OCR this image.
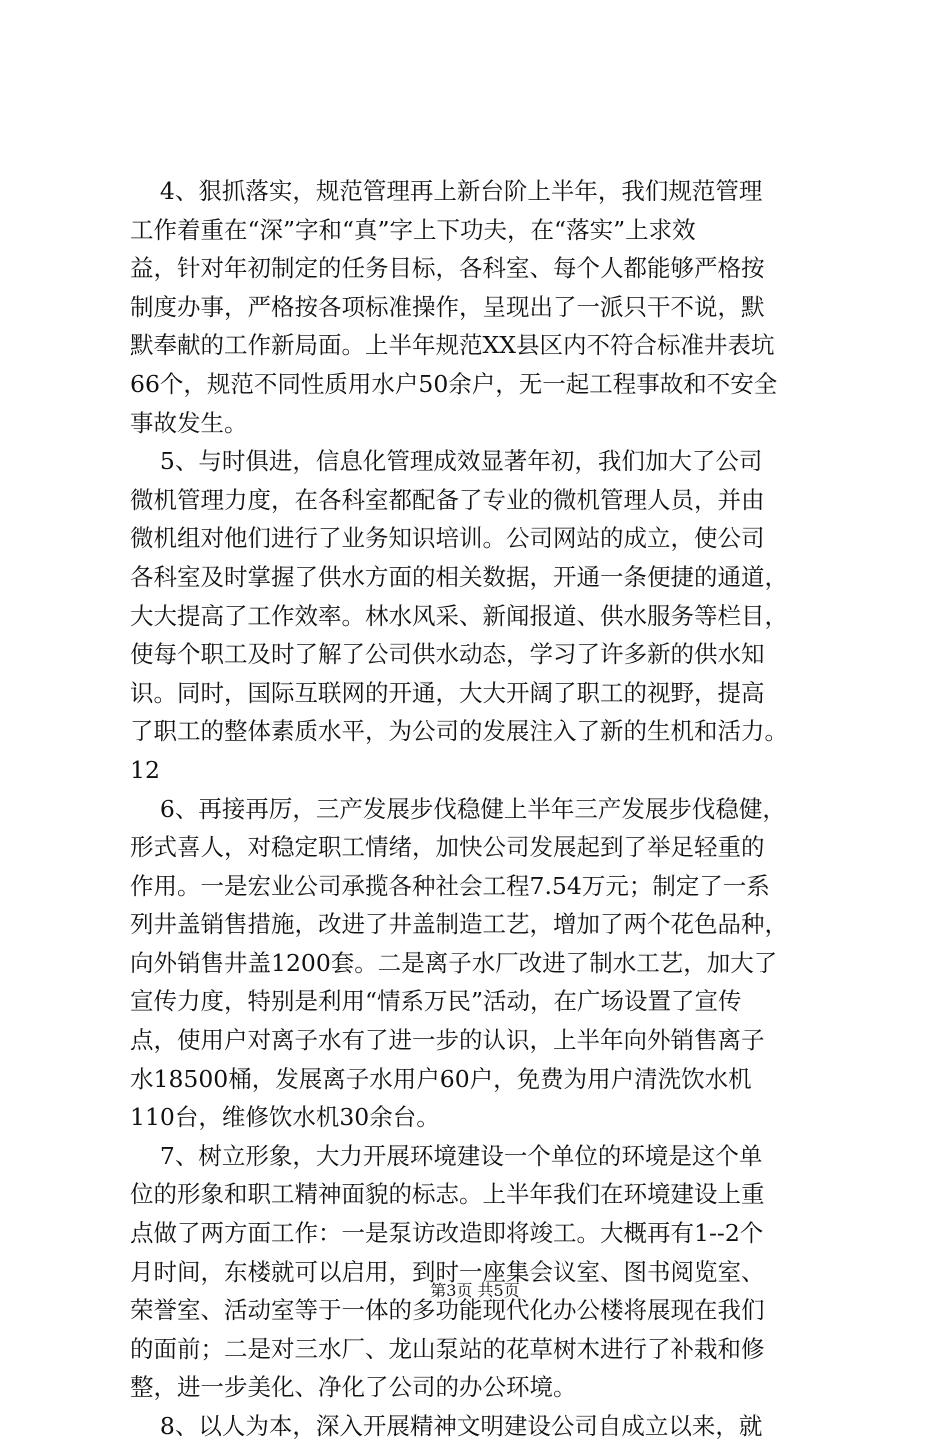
4、狠抓落实，规范管理再上新台阶上半年，我们规范管理
工作着重在“深”字和“真”字上下功夫，在“落实”上求效
益，针对年初制定的任务目标，各科室、每个人都能够严格按
制度办事，严格按各项标准操作，呈现出了一派只干不说，默
默奉献的工作新局面。上半年规范XX县区内不符合标准井表坑
66个，规范不同性质用水户50余户，无一起工程事故和不安全
事故发生。
5、与时俱进，信息化管理成效显著年初，我们加大了公司
微机管理力度，在各科室都配备了专业的微机管理人员，并由
微机组对他们进行了业务知识培训。公司网站的成立，使公司
各科室及时掌握了供水方面的相关数据，开通一条便捷的通道，
大大提高了工作效率。林水风采、新闻报道、供水服务等栏目，
使每个职工及时了解了公司供水动态，学习了许多新的供水知
识。同时，国际互联网的开通，大大开阔了职工的视野，提高
了职工的整体素质水平，为公司的发展注入了新的生机和活力。
12
6、再接再厉，三产发展步伐稳健上半年三产发展步伐稳健，
形式喜人，对稳定职工情绪，加快公司发展起到了举足轻重的
作用。一是宏业公司承揽各种社会工程7.54万元；制定了一系
列井盖销售措施，改进了井盖制造工艺，增加了两个花色品种，
向外销售井盖1200套。二是离子水厂改进了制水工艺，加大了
宣传力度，特别是利用“情系万民”活动，在广场设置了宣传
点，使用户对离子水有了进一步的认识，上半年向外销售离子
水18500桶，发展离子水用户60户，免费为用户清洗饮水机
110台，维修饮水机30余台。
7、树立形象，大力开展环境建设一个单位的环境是这个单
位的形象和职工精神面貌的标志。上半年我们在环境建设上重
点做了两方面工作：一是泵访改造即将竣工。大概再有1--2个
月时间，东楼就可以启用，到时一座集会议室、图书阅览室、
荣誉室、活动室等于一体的多功能现代化办公楼将展现在我们
的面前；二是对三水厂、龙山泵站的花草树木进行了补栽和修
整，进一步美化、净化了公司的办公环境。
8、以人为本，深入开展精神文明建设公司自成立以来，就
第3页 共5页
